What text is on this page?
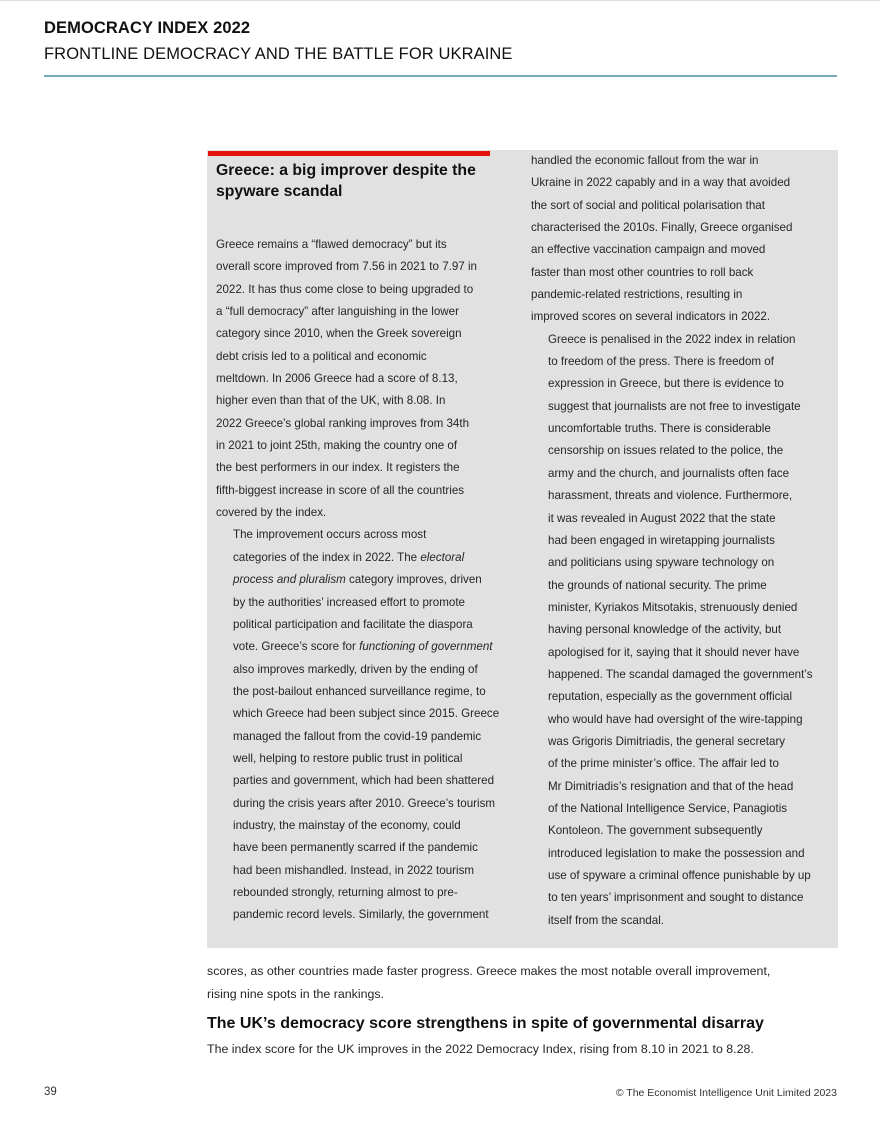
DEMOCRACY INDEX 2022
FRONTLINE DEMOCRACY AND THE BATTLE FOR UKRAINE
Greece: a big improver despite the
spyware scandal

Greece remains a “flawed democracy” but its
overall score improved from 7.56 in 2021 to 7.97 in
2022. It has thus come close to being upgraded to
a “full democracy” after languishing in the lower
category since 2010, when the Greek sovereign
debt crisis led to a political and economic
meltdown. In 2006 Greece had a score of 8.13,
higher even than that of the UK, with 8.08. In
2022 Greece’s global ranking improves from 34th
in 2021 to joint 25th, making the country one of
the best performers in our index. It registers the
fifth-biggest increase in score of all the countries
covered by the index.

The improvement occurs across most
categories of the index in 2022. The electoral
process and pluralism category improves, driven
by the authorities’ increased effort to promote
political participation and facilitate the diaspora
vote. Greece’s score for functioning of government
also improves markedly, driven by the ending of
the post-bailout enhanced surveillance regime, to
which Greece had been subject since 2015. Greece
managed the fallout from the covid-19 pandemic
well, helping to restore public trust in political
parties and government, which had been shattered
during the crisis years after 2010. Greece’s tourism
industry, the mainstay of the economy, could
have been permanently scarred if the pandemic
had been mishandled. Instead, in 2022 tourism
rebounded strongly, returning almost to pre-
pandemic record levels. Similarly, the government

handled the economic fallout from the war in
Ukraine in 2022 capably and in a way that avoided
the sort of social and political polarisation that
characterised the 2010s. Finally, Greece organised
an effective vaccination campaign and moved
faster than most other countries to roll back
pandemic-related restrictions, resulting in
improved scores on several indicators in 2022.

Greece is penalised in the 2022 index in relation
to freedom of the press. There is freedom of
expression in Greece, but there is evidence to
suggest that journalists are not free to investigate
uncomfortable truths. There is considerable
censorship on issues related to the police, the
army and the church, and journalists often face
harassment, threats and violence. Furthermore,
it was revealed in August 2022 that the state
had been engaged in wiretapping journalists
and politicians using spyware technology on
the grounds of national security. The prime
minister, Kyriakos Mitsotakis, strenuously denied
having personal knowledge of the activity, but
apologised for it, saying that it should never have
happened. The scandal damaged the government’s
reputation, especially as the government official
who would have had oversight of the wire-tapping
was Grigoris Dimitriadis, the general secretary
of the prime minister’s office. The affair led to
Mr Dimitriadis’s resignation and that of the head
of the National Intelligence Service, Panagiotis
Kontoleon. The government subsequently
introduced legislation to make the possession and
use of spyware a criminal offence punishable by up
to ten years’ imprisonment and sought to distance
itself from the scandal.

scores, as other countries made faster progress. Greece makes the most notable overall improvement,
rising nine spots in the rankings.
The UK’s democracy score strengthens in spite of governmental disarray
The index score for the UK improves in the 2022 Democracy Index, rising from 8.10 in 2021 to 8.28.
39	© The Economist Intelligence Unit Limited 2023
